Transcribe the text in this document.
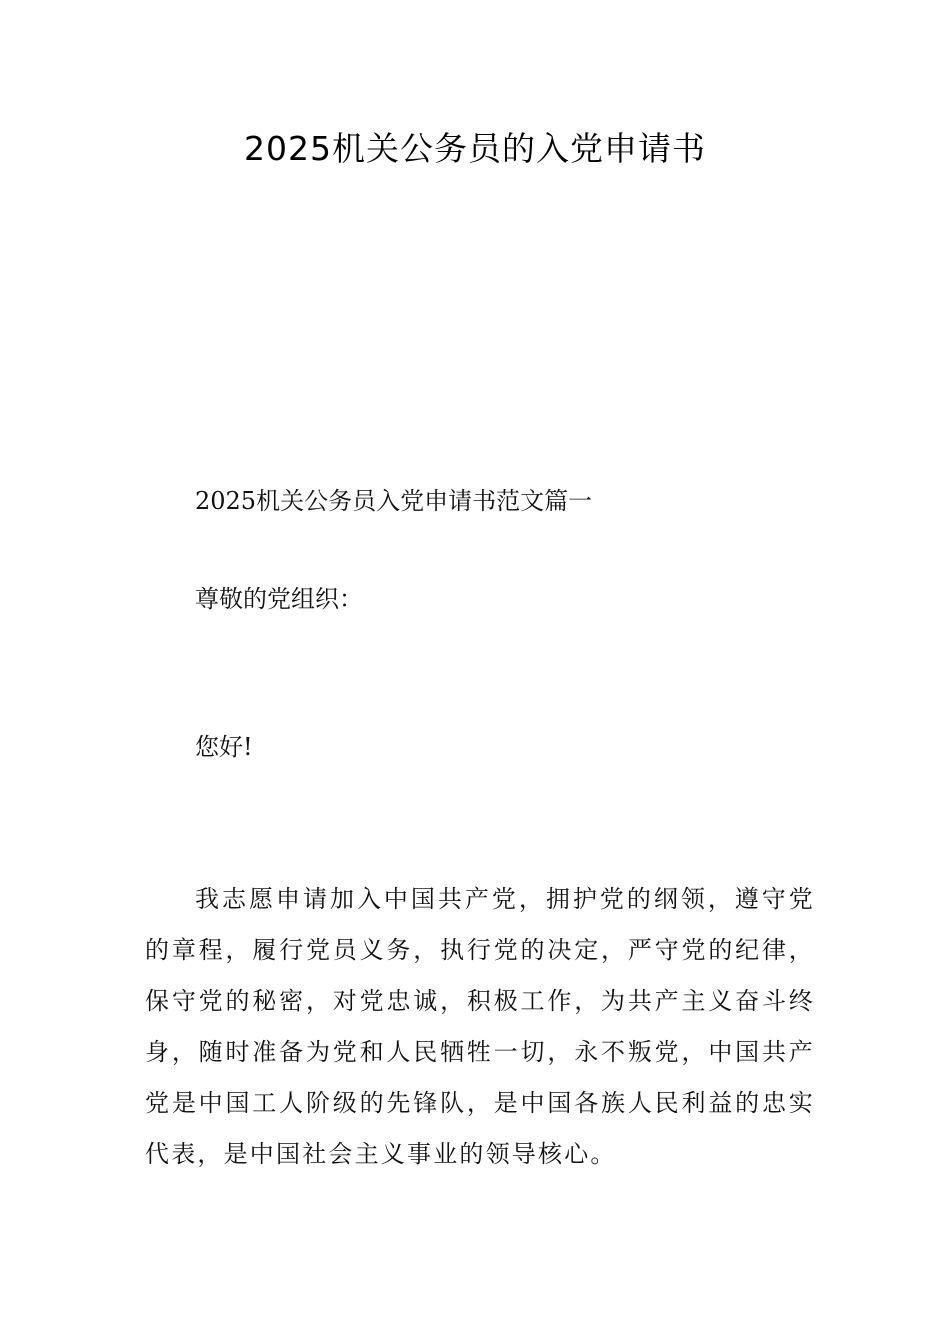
2025机关公务员的入党申请书

2025机关公务员入党申请书范文篇一

尊敬的党组织：

您好!

我志愿申请加入中国共产党，拥护党的纲领，遵守党的章程，履行党员义务，执行党的决定，严守党的纪律，保守党的秘密，对党忠诚，积极工作，为共产主义奋斗终身，随时准备为党和人民牺牲一切，永不叛党，中国共产党是中国工人阶级的先锋队，是中国各族人民利益的忠实代表，是中国社会主义事业的领导核心。
